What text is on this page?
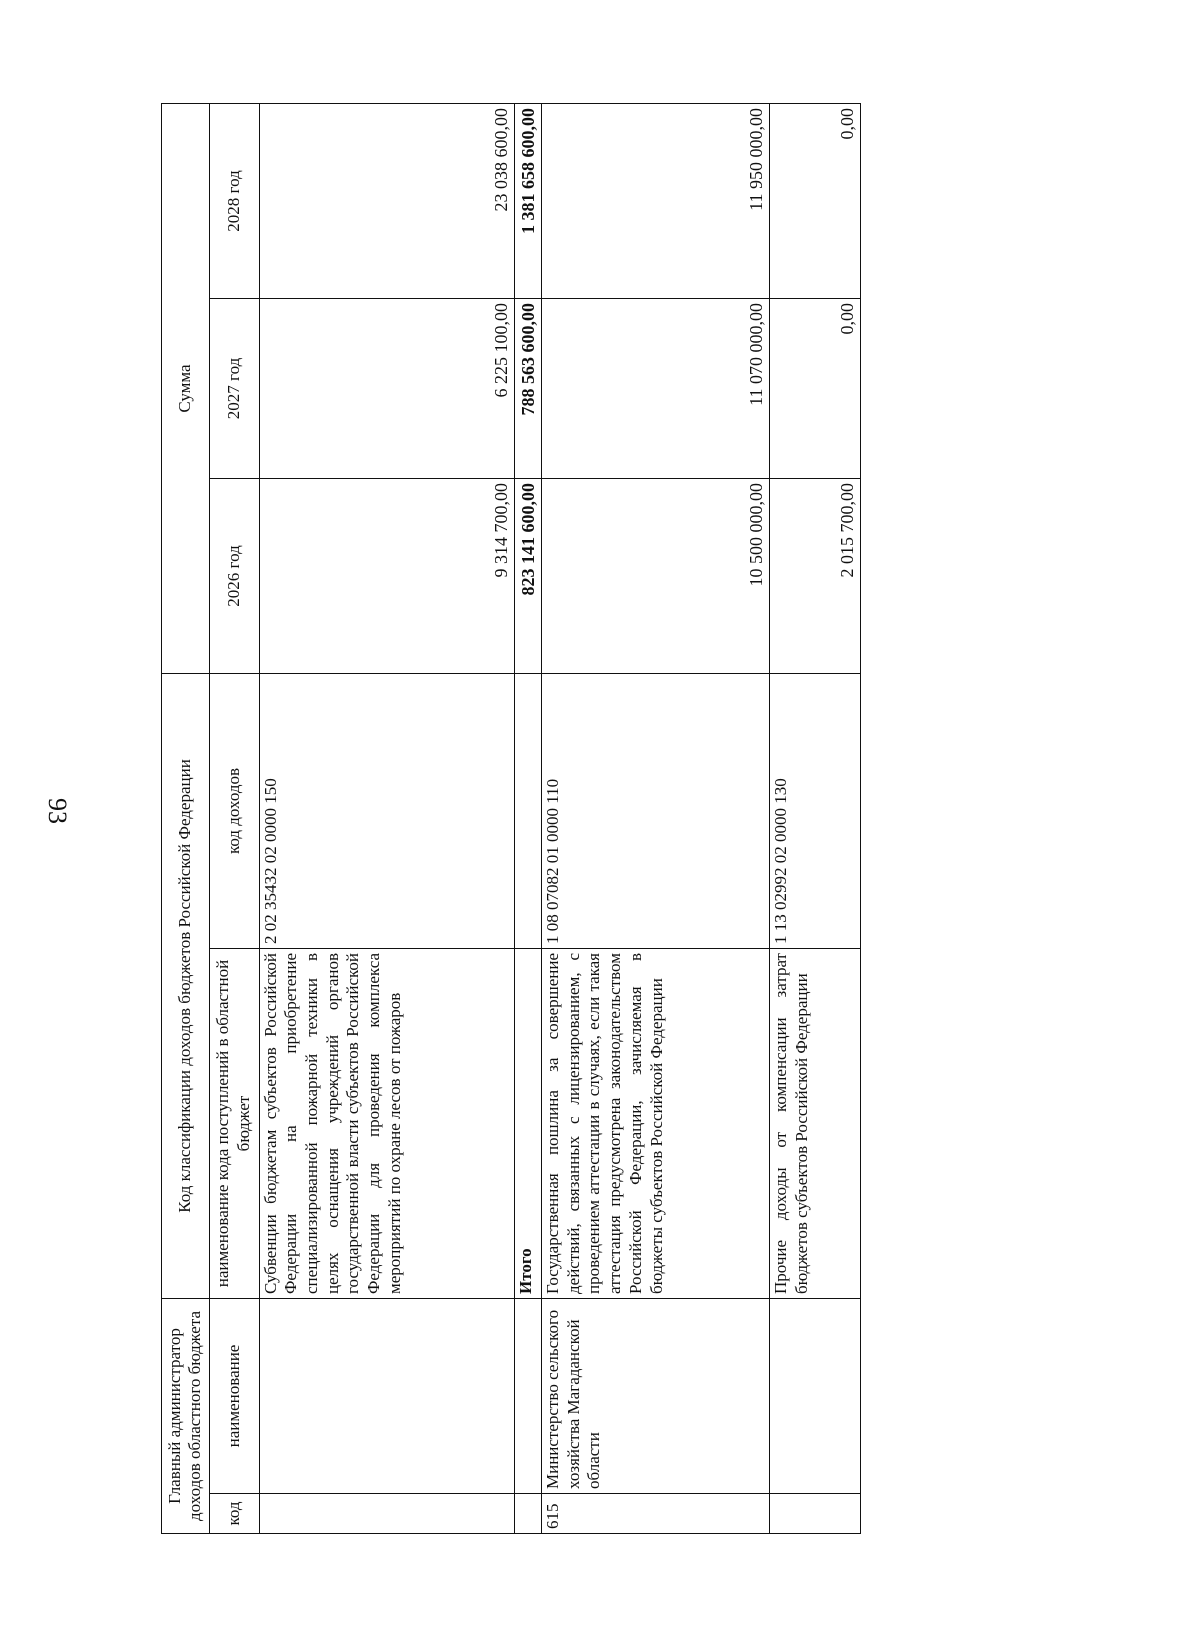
93
Главный администратор доходов областного бюджета		Код классификации доходов бюджетов Российской Федерации		Сумма		
код	наименование	наименование кода поступлений в областной бюджет	код доходов	2026 год	2027 год	2028 год
		Субвенции бюджетам субъектов Российской Федерации на приобретение специализированной пожарной техники в целях оснащения учреждений органов государственной власти субъектов Российской Федерации для проведения комплекса мероприятий по охране лесов от пожаров	2 02 35432 02 0000 150	9 314 700,00	6 225 100,00	23 038 600,00
		Итого		823 141 600,00	788 563 600,00	1 381 658 600,00
615	Министерство сельского хозяйства Магаданской области	Государственная пошлина за совершение действий, связанных с лицензированием, с проведением аттестации в случаях, если такая аттестация предусмотрена законодательством Российской Федерации, зачисляемая в бюджеты субъектов Российской Федерации	1 08 07082 01 0000 110	10 500 000,00	11 070 000,00	11 950 000,00
		Прочие доходы от компенсации затрат бюджетов субъектов Российской Федерации	1 13 02992 02 0000 130	2 015 700,00	0,00	0,00
